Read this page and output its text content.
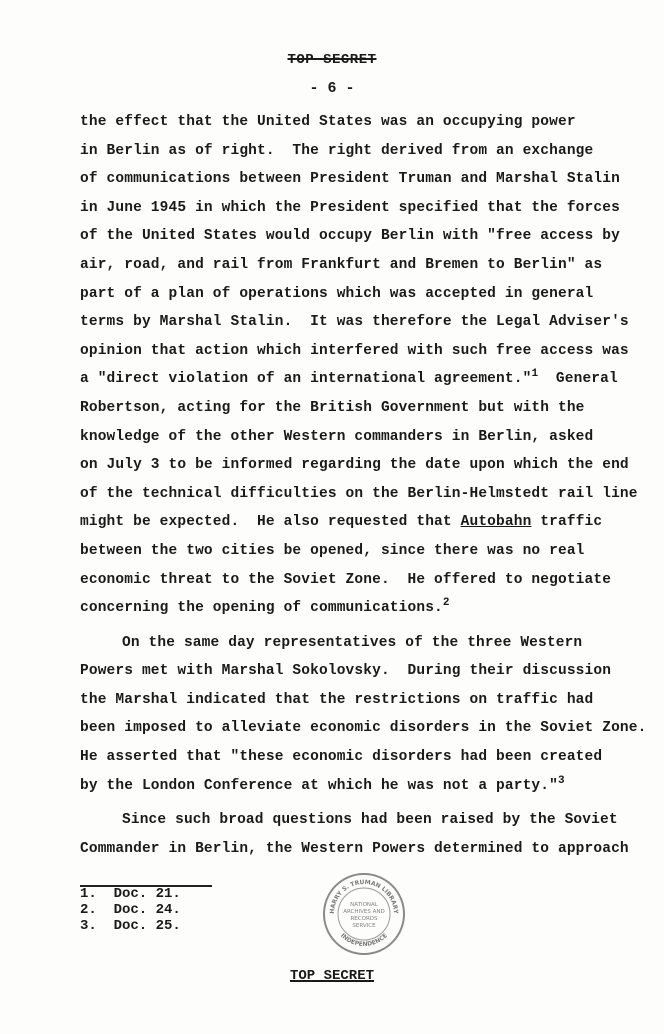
TOP SECRET
- 6 -
the effect that the United States was an occupying power
in Berlin as of right.  The right derived from an exchange
of communications between President Truman and Marshal Stalin
in June 1945 in which the President specified that the forces
of the United States would occupy Berlin with "free access by
air, road, and rail from Frankfurt and Bremen to Berlin" as
part of a plan of operations which was accepted in general
terms by Marshal Stalin.  It was therefore the Legal Adviser's
opinion that action which interfered with such free access was
a "direct violation of an international agreement."$^1$  General
Robertson, acting for the British Government but with the
knowledge of the other Western commanders in Berlin, asked
on July 3 to be informed regarding the date upon which the end
of the technical difficulties on the Berlin-Helmstedt rail line
might be expected.  He also requested that Autobahn traffic
between the two cities be opened, since there was no real
economic threat to the Soviet Zone.  He offered to negotiate
concerning the opening of communications.$^2$
On the same day representatives of the three Western
Powers met with Marshal Sokolovsky.  During their discussion
the Marshal indicated that the restrictions on traffic had
been imposed to alleviate economic disorders in the Soviet Zone.
He asserted that "these economic disorders had been created
by the London Conference at which he was not a party."$^3$
Since such broad questions had been raised by the Soviet
Commander in Berlin, the Western Powers determined to approach
1.  Doc. 21.
2.  Doc. 24.
3.  Doc. 25.
HARRY S. TRUMAN LIBRARY
INDEPENDENCE
NATIONAL
ARCHIVES AND
RECORDS
SERVICE
TOP SECRET
